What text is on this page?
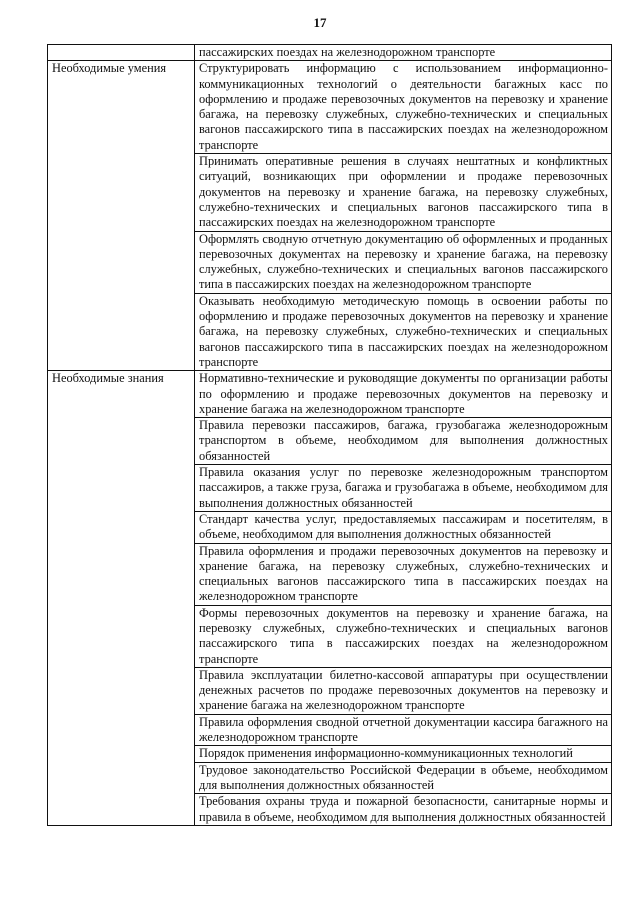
17
	пассажирских поездах на железнодорожном транспорте
Необходимые умения	Структурировать информацию с использованием информационно-коммуникационных технологий о деятельности багажных касс по оформлению и продаже перевозочных документов на перевозку и хранение багажа, на перевозку служебных, служебно-технических и специальных вагонов пассажирского типа в пассажирских поездах на железнодорожном транспорте
	Принимать оперативные решения в случаях нештатных и конфликтных ситуаций, возникающих при оформлении и продаже перевозочных документов на перевозку и хранение багажа, на перевозку служебных, служебно-технических и специальных вагонов пассажирского типа в пассажирских поездах на железнодорожном транспорте
	Оформлять сводную отчетную документацию об оформленных и проданных перевозочных документах на перевозку и хранение багажа, на перевозку служебных, служебно-технических и специальных вагонов пассажирского типа в пассажирских поездах на железнодорожном транспорте
	Оказывать необходимую методическую помощь в освоении работы по оформлению и продаже перевозочных документов на перевозку и хранение багажа, на перевозку служебных, служебно-технических и специальных вагонов пассажирского типа в пассажирских поездах на железнодорожном транспорте
Необходимые знания	Нормативно-технические и руководящие документы по организации работы по оформлению и продаже перевозочных документов на перевозку и хранение багажа на железнодорожном транспорте
	Правила перевозки пассажиров, багажа, грузобагажа железнодорожным транспортом в объеме, необходимом для выполнения должностных обязанностей
	Правила оказания услуг по перевозке железнодорожным транспортом пассажиров, а также груза, багажа и грузобагажа в объеме, необходимом для выполнения должностных обязанностей
	Стандарт качества услуг, предоставляемых пассажирам и посетителям, в объеме, необходимом для выполнения должностных обязанностей
	Правила оформления и продажи перевозочных документов на перевозку и хранение багажа, на перевозку служебных, служебно-технических и специальных вагонов пассажирского типа в пассажирских поездах на железнодорожном транспорте
	Формы перевозочных документов на перевозку и хранение багажа, на перевозку служебных, служебно-технических и специальных вагонов пассажирского типа в пассажирских поездах на железнодорожном транспорте
	Правила эксплуатации билетно-кассовой аппаратуры при осуществлении денежных расчетов по продаже перевозочных документов на перевозку и хранение багажа на железнодорожном транспорте
	Правила оформления сводной отчетной документации кассира багажного на железнодорожном транспорте
	Порядок применения информационно-коммуникационных технологий
	Трудовое законодательство Российской Федерации в объеме, необходимом для выполнения должностных обязанностей
	Требования охраны труда и пожарной безопасности, санитарные нормы и правила в объеме, необходимом для выполнения должностных обязанностей
